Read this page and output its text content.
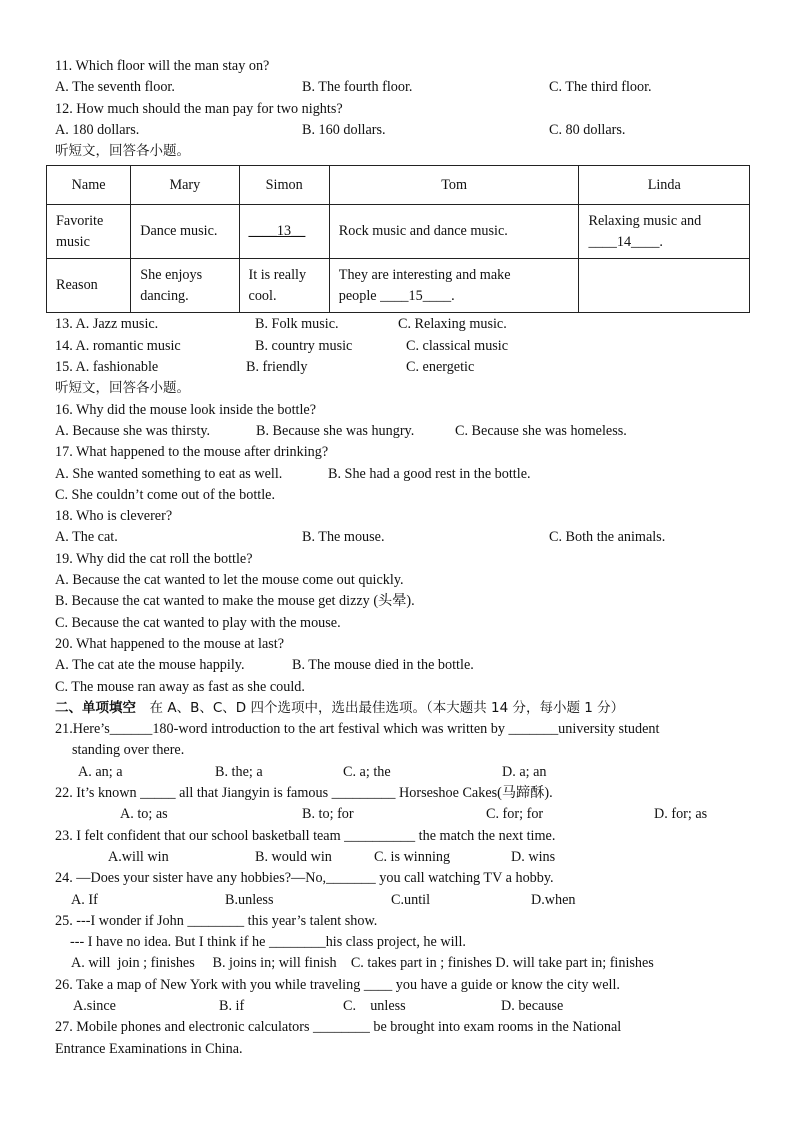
11. Which floor will the man stay on?
A. The seventh floor.	B. The fourth floor.	C. The third floor.
12. How much should the man pay for two nights?
A. 180 dollars.	B. 160 dollars.	C. 80 dollars.
听短文，回答各小题。
Name	Mary	Simon	Tom	Linda
Favorite music	Dance music.	____13__	Rock music and dance music.	Relaxing music and
____14____.

Reason	She enjoys dancing.	It is really cool.	They are interesting and make
people ____15____.	

13. A. Jazz music.	B. Folk music.	C. Relaxing music.
14. A. romantic music	B. country music	C. classical music
15. A. fashionable	B. friendly	C. energetic
听短文，回答各小题。
16. Why did the mouse look inside the bottle?
A. Because she was thirsty.	B. Because she was hungry.	C. Because she was homeless.
17. What happened to the mouse after drinking?
A. She wanted something to eat as well.	B. She had a good rest in the bottle.
C. She couldn’t come out of the bottle.
18. Who is cleverer?
A. The cat.	B. The mouse.	C. Both the animals.
19. Why did the cat roll the bottle?
A. Because the cat wanted to let the mouse come out quickly.
B. Because the cat wanted to make the mouse get dizzy (头晕).
C. Because the cat wanted to play with the mouse.
20. What happened to the mouse at last?
A. The cat ate the mouse happily.	B. The mouse died in the bottle.
C. The mouse ran away as fast as she could.
二、单项填空 在 A、B、C、D 四个选项中，选出最佳选项。（本大题共 14 分，每小题 1 分）
21.Here’s______180-word introduction to the art festival which was written by _______university student
standing over there.
A. an; a	B. the; a	C. a; the	D. a; an
22. It’s known _____ all that Jiangyin is famous _________ Horseshoe Cakes(马蹄酥).
A. to; as	B. to; for	C. for; for	D. for; as
23. I felt confident that our school basketball team __________ the match the next time.
A.will win	B. would win	C. is winning	D. wins
24. —Does your sister have any hobbies?—No,_______ you call watching TV a hobby.
A. If	B.unless	C.until	D.when
25. ---I wonder if John ________ this year’s talent show.
--- I have no idea. But I think if he ________his class project, he will.
A. will  join ; finishes     B. joins in; will finish    C. takes part in ; finishes D. will take part in; finishes
26. Take a map of New York with you while traveling ____ you have a guide or know the city well.
A.since	B. if	C.    unless	D. because
27. Mobile phones and electronic calculators ________ be brought into exam rooms in the National
Entrance Examinations in China.
